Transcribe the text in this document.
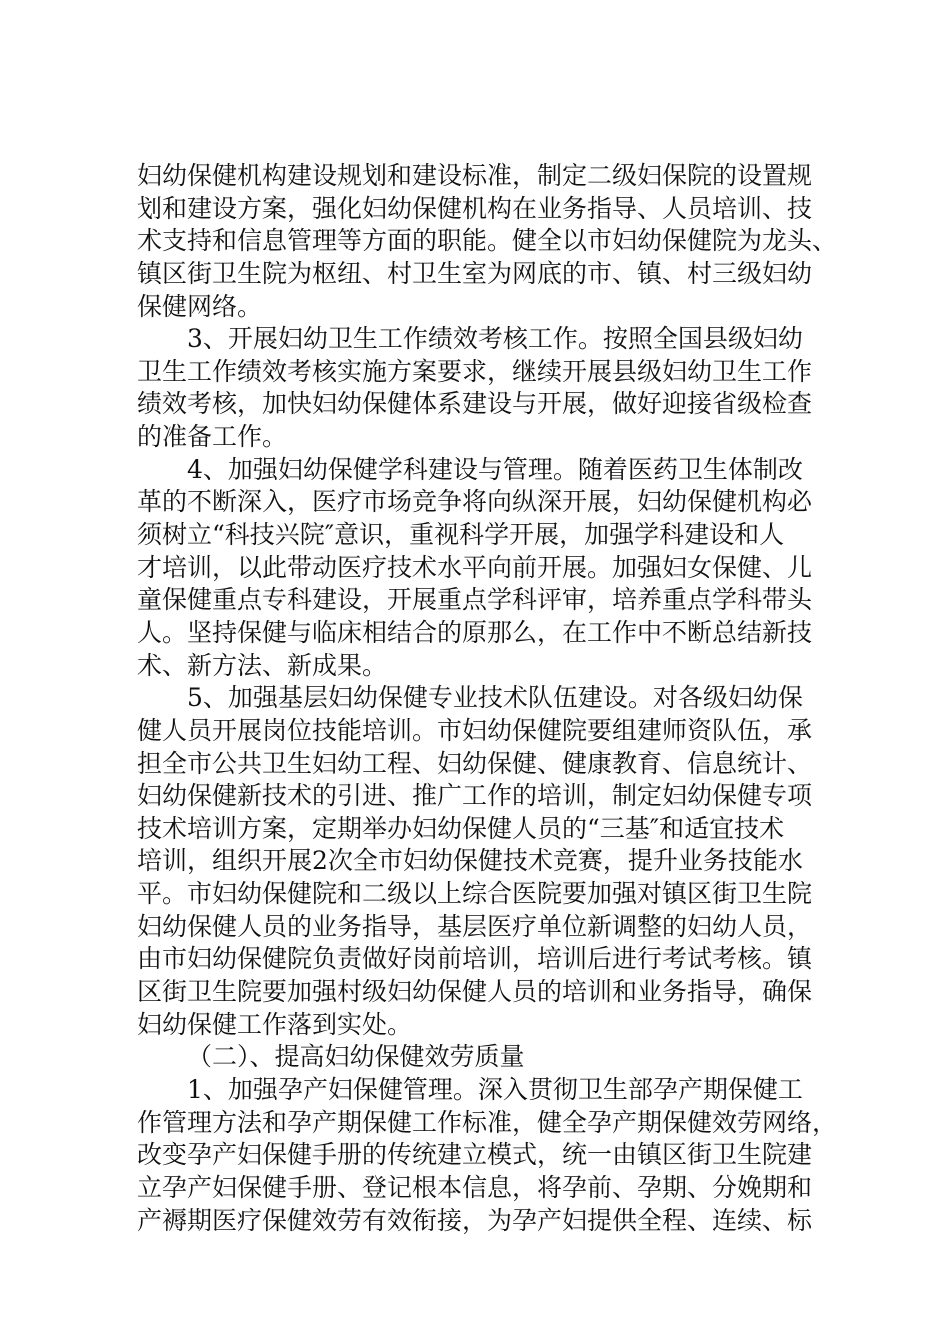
妇幼保健机构建设规划和建设标准，制定二级妇保院的设置规
划和建设方案，强化妇幼保健机构在业务指导、人员培训、技
术支持和信息管理等方面的职能。健全以市妇幼保健院为龙头、
镇区街卫生院为枢纽、村卫生室为网底的市、镇、村三级妇幼
保健网络。
3、开展妇幼卫生工作绩效考核工作。按照全国县级妇幼
卫生工作绩效考核实施方案要求，继续开展县级妇幼卫生工作
绩效考核，加快妇幼保健体系建设与开展，做好迎接省级检查
的准备工作。
4、加强妇幼保健学科建设与管理。随着医药卫生体制改
革的不断深入，医疗市场竞争将向纵深开展，妇幼保健机构必
须树立“科技兴院″意识，重视科学开展，加强学科建设和人
才培训，以此带动医疗技术水平向前开展。加强妇女保健、儿
童保健重点专科建设，开展重点学科评审，培养重点学科带头
人。坚持保健与临床相结合的原那么，在工作中不断总结新技
术、新方法、新成果。
5、加强基层妇幼保健专业技术队伍建设。对各级妇幼保
健人员开展岗位技能培训。市妇幼保健院要组建师资队伍，承
担全市公共卫生妇幼工程、妇幼保健、健康教育、信息统计、
妇幼保健新技术的引进、推广工作的培训，制定妇幼保健专项
技术培训方案，定期举办妇幼保健人员的“三基″和适宜技术
培训，组织开展2次全市妇幼保健技术竞赛，提升业务技能水
平。市妇幼保健院和二级以上综合医院要加强对镇区街卫生院
妇幼保健人员的业务指导，基层医疗单位新调整的妇幼人员，
由市妇幼保健院负责做好岗前培训，培训后进行考试考核。镇
区街卫生院要加强村级妇幼保健人员的培训和业务指导，确保
妇幼保健工作落到实处。
（二）、提高妇幼保健效劳质量
1、加强孕产妇保健管理。深入贯彻卫生部孕产期保健工
作管理方法和孕产期保健工作标准，健全孕产期保健效劳网络，
改变孕产妇保健手册的传统建立模式，统一由镇区街卫生院建
立孕产妇保健手册、登记根本信息，将孕前、孕期、分娩期和
产褥期医疗保健效劳有效衔接，为孕产妇提供全程、连续、标
